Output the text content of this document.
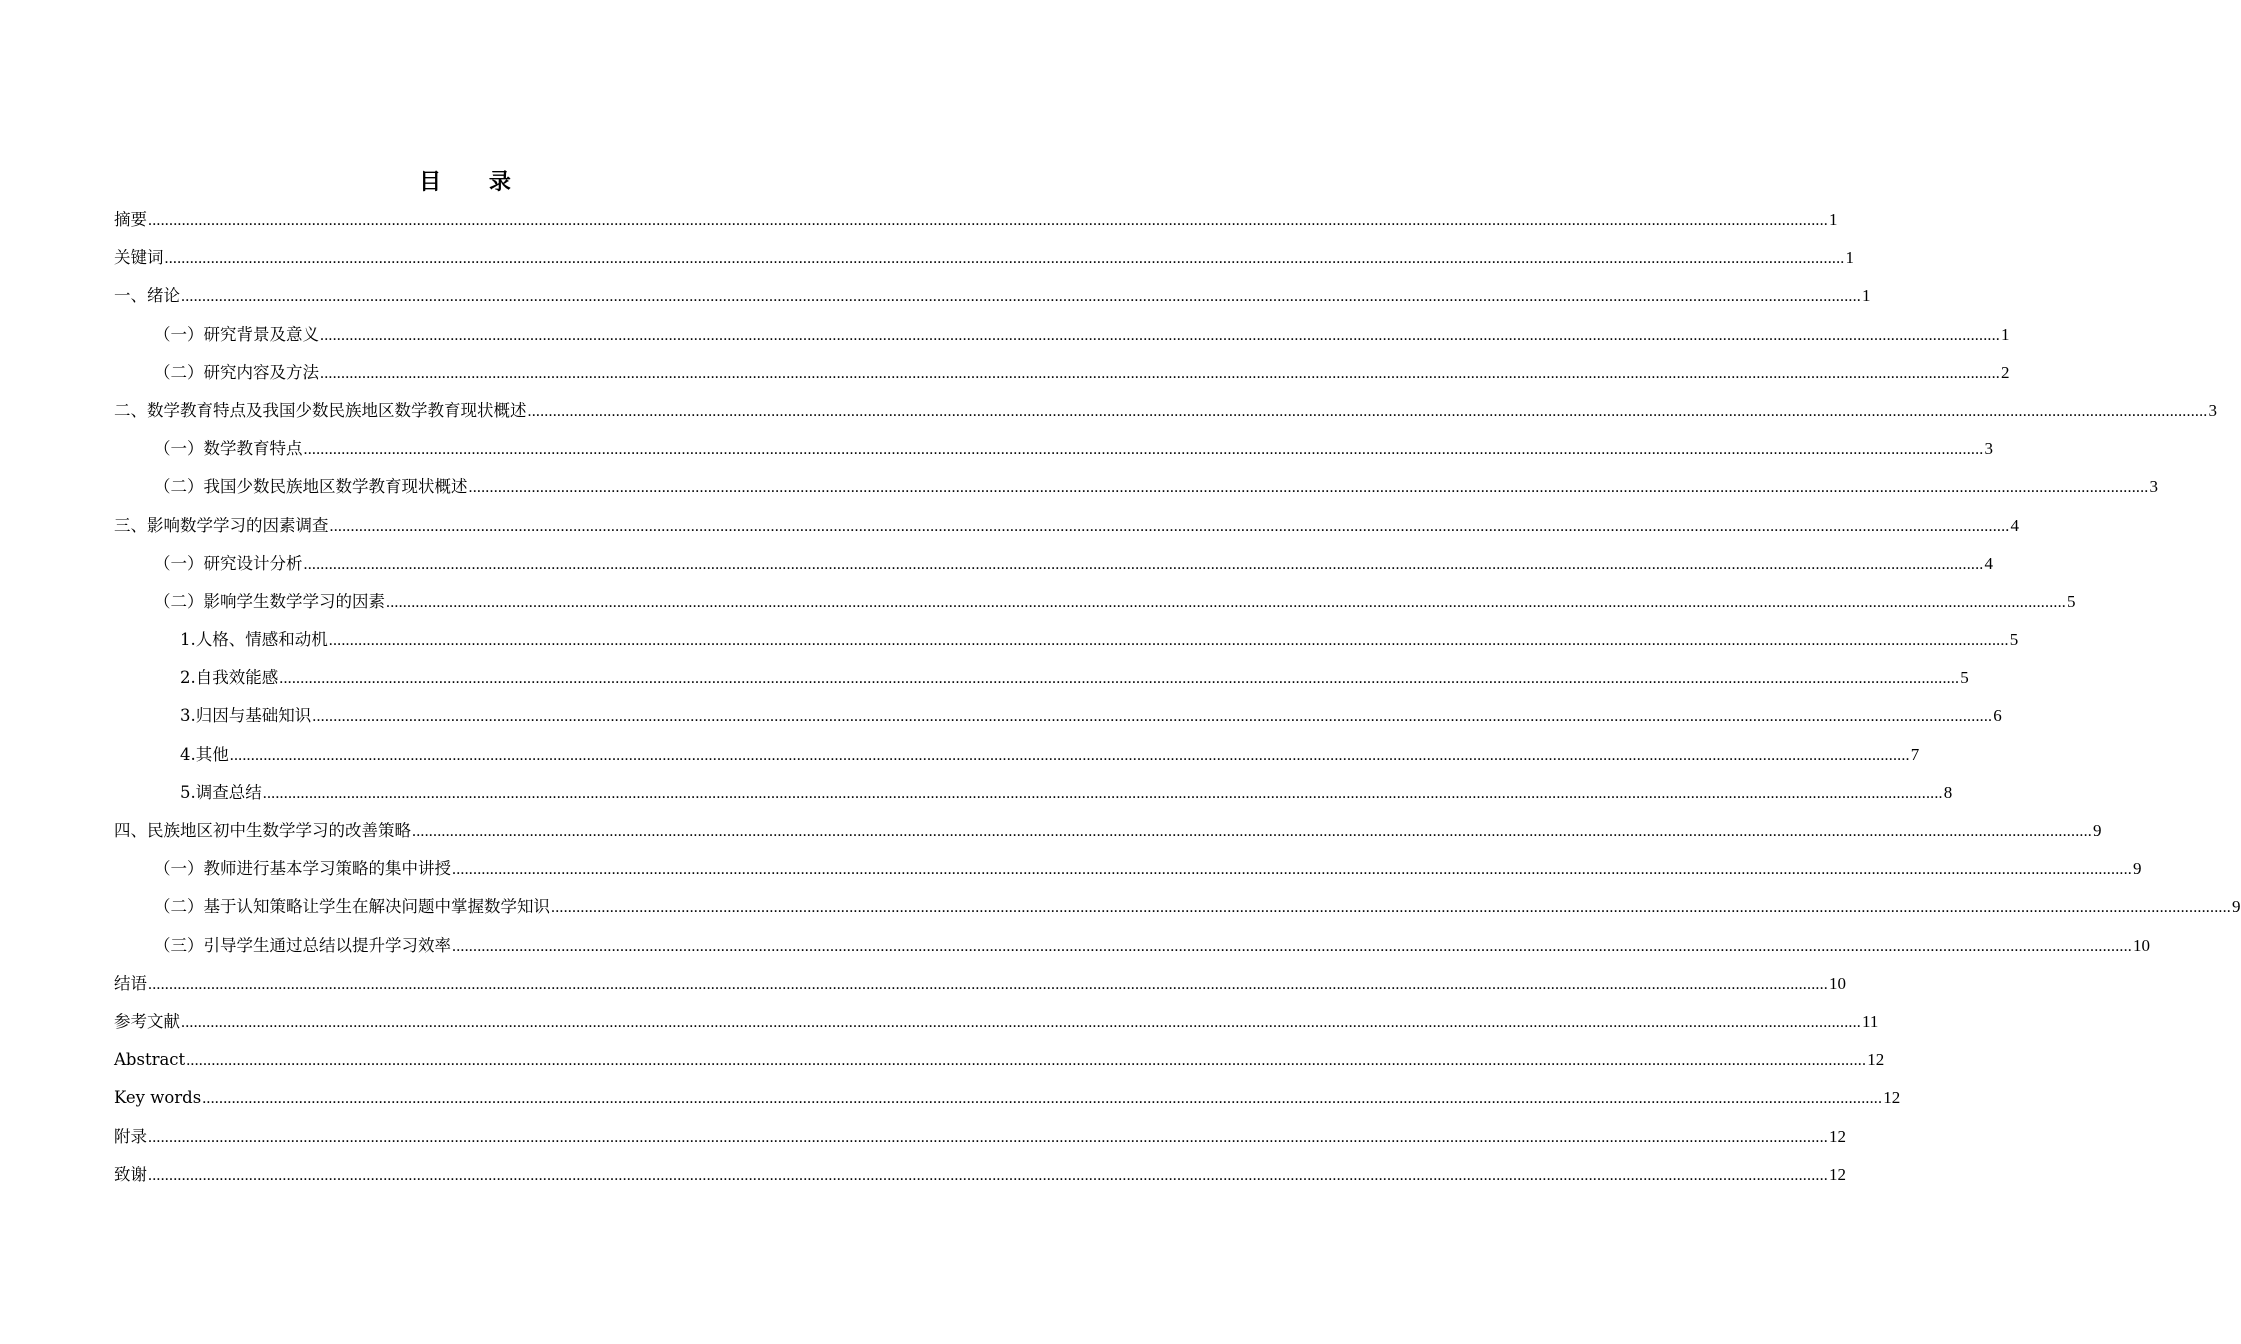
目 录
摘要 ................................................................................................................................................................................................................................................................................................................................................................................................................ 1
关键词 ................................................................................................................................................................................................................................................................................................................................................................................................................ 1
一、绪论 ................................................................................................................................................................................................................................................................................................................................................................................................................ 1
（一）研究背景及意义 ................................................................................................................................................................................................................................................................................................................................................................................................................ 1
（二）研究内容及方法 ................................................................................................................................................................................................................................................................................................................................................................................................................ 2
二、数学教育特点及我国少数民族地区数学教育现状概述 ................................................................................................................................................................................................................................................................................................................................................................................................................ 3
（一）数学教育特点 ................................................................................................................................................................................................................................................................................................................................................................................................................ 3
（二）我国少数民族地区数学教育现状概述 ................................................................................................................................................................................................................................................................................................................................................................................................................ 3
三、影响数学学习的因素调查 ................................................................................................................................................................................................................................................................................................................................................................................................................ 4
（一）研究设计分析 ................................................................................................................................................................................................................................................................................................................................................................................................................ 4
（二）影响学生数学学习的因素 ................................................................................................................................................................................................................................................................................................................................................................................................................ 5
1.人格、情感和动机 ................................................................................................................................................................................................................................................................................................................................................................................................................ 5
2.自我效能感 ................................................................................................................................................................................................................................................................................................................................................................................................................ 5
3.归因与基础知识 ................................................................................................................................................................................................................................................................................................................................................................................................................ 6
4.其他 ................................................................................................................................................................................................................................................................................................................................................................................................................ 7
5.调查总结 ................................................................................................................................................................................................................................................................................................................................................................................................................ 8
四、民族地区初中生数学学习的改善策略 ................................................................................................................................................................................................................................................................................................................................................................................................................ 9
（一）教师进行基本学习策略的集中讲授 ................................................................................................................................................................................................................................................................................................................................................................................................................ 9
（二）基于认知策略让学生在解决问题中掌握数学知识 ................................................................................................................................................................................................................................................................................................................................................................................................................ 9
（三）引导学生通过总结以提升学习效率 ................................................................................................................................................................................................................................................................................................................................................................................................................ 10
结语 ................................................................................................................................................................................................................................................................................................................................................................................................................ 10
参考文献 ................................................................................................................................................................................................................................................................................................................................................................................................................ 11
Abstract ................................................................................................................................................................................................................................................................................................................................................................................................................ 12
Key words ................................................................................................................................................................................................................................................................................................................................................................................................................ 12
附录 ................................................................................................................................................................................................................................................................................................................................................................................................................ 12
致谢 ................................................................................................................................................................................................................................................................................................................................................................................................................ 12
